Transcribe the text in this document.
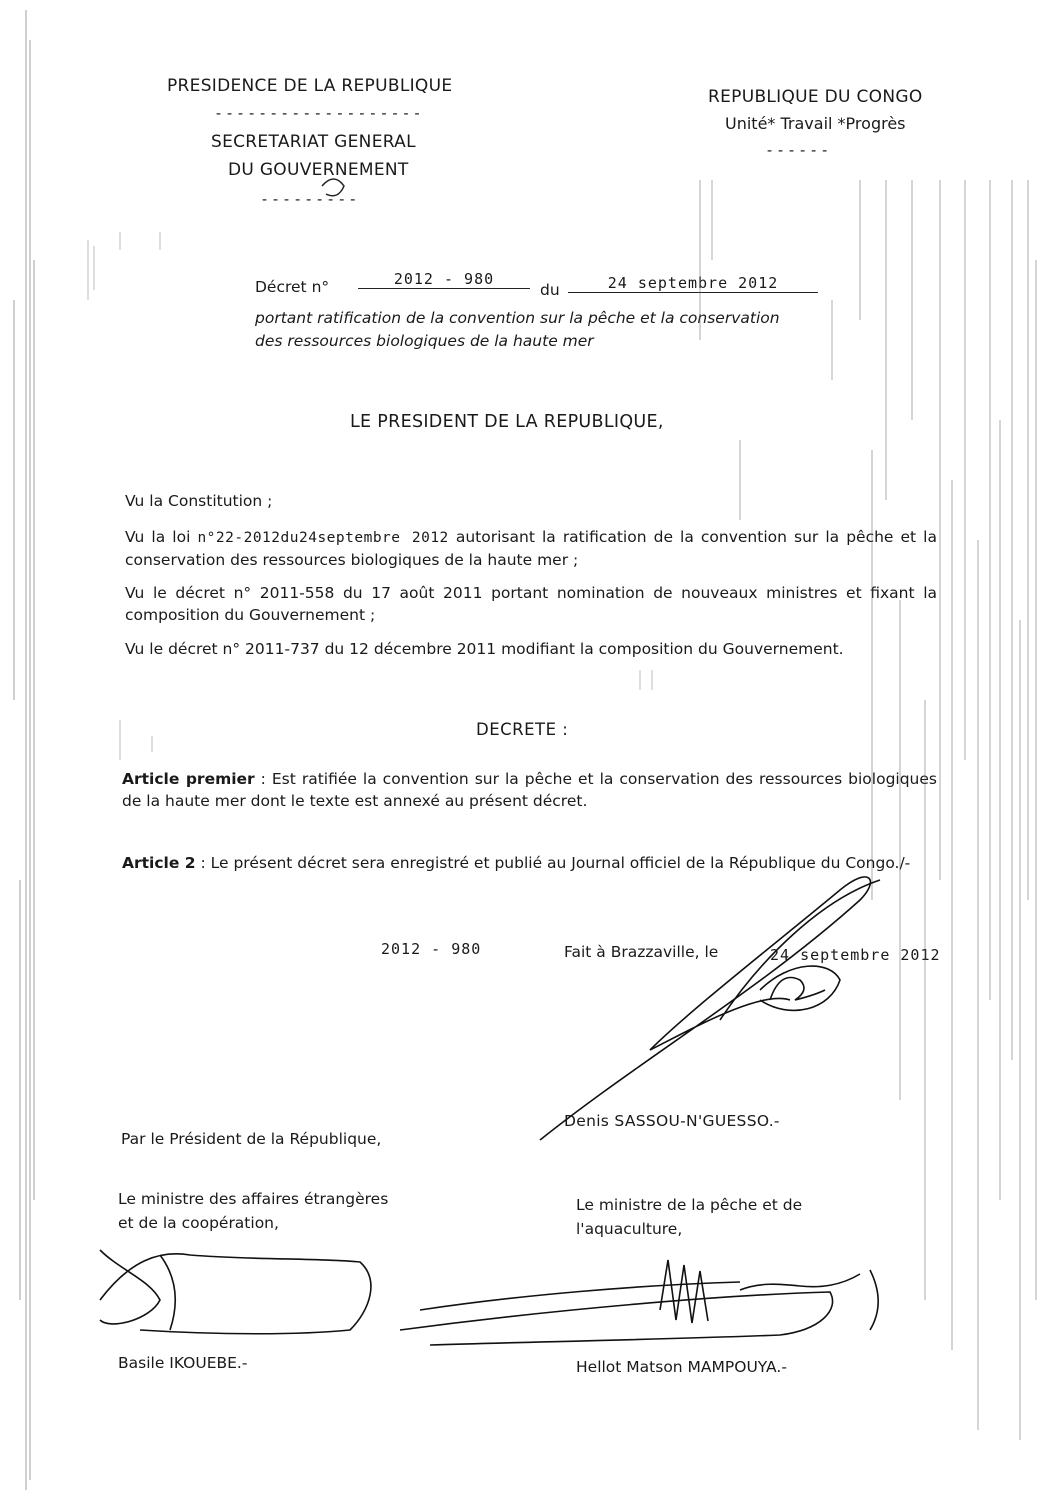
PRESIDENCE DE LA REPUBLIQUE
-------------------
SECRETARIAT GENERAL
DU GOUVERNEMENT
---------
REPUBLIQUE DU CONGO
Unité* Travail *Progrès
------
Décret n°	2012 - 980
du	24 septembre 2012
portant ratification de la convention sur la pêche et la conservation
des ressources biologiques de la haute mer
LE PRESIDENT DE LA REPUBLIQUE,
Vu la Constitution ;
Vu la loi n°22-2012du24septembre 2012 autorisant la ratification de la convention sur la pêche et la conservation des ressources biologiques de la haute mer ;
Vu le décret n° 2011-558 du 17 août 2011 portant nomination de nouveaux ministres et fixant la composition du Gouvernement ;
Vu le décret n° 2011-737 du 12 décembre 2011 modifiant la composition du Gouvernement.
DECRETE :
Article premier : Est ratifiée la convention sur la pêche et la conservation des ressources biologiques de la haute mer dont le texte est annexé au présent décret.
Article 2 : Le présent décret sera enregistré et publié au Journal officiel de la République du Congo./-
2012 - 980	Fait à Brazzaville, le	24 septembre 2012
Denis SASSOU-N'GUESSO.-
Par le Président de la République,
Le ministre des affaires étrangères
et de la coopération,
Basile IKOUEBE.-
Le ministre de la pêche et de
l'aquaculture,
Hellot Matson MAMPOUYA.-
